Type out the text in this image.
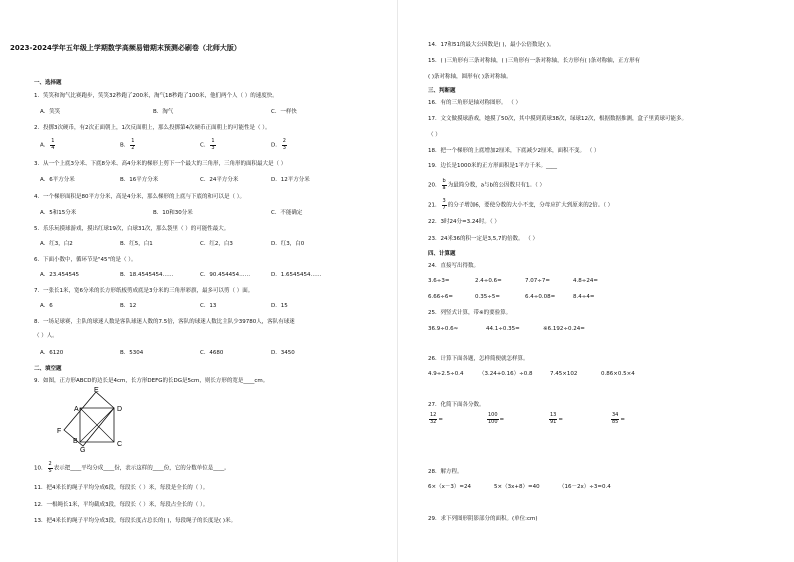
2023-2024学年五年级上学期数学高频易错期末预测必刷卷（北师大版）
一、选择题
1．笑笑和淘气比赛跑步，笑笑32秒跑了200米，淘气18秒跑了100米，他们两个人（ ）的速度快。
A．笑笑	B．淘气	C．一样快
2．投掷3次硬币，有2次正面朝上，1次反面朝上，那么投掷第4次硬币正面朝上的可能性是（ ）。
A． $\frac{1}{4}$	B． $\frac{1}{2}$	C． $\frac{1}{3}$	D． $\frac{2}{3}$
3．从一个上底3分米、下底8分米、高4分米的梯形上剪下一个最大的三角形，三角形的面积最大是（ ）
A．6平方分米	B．16平方分米	C．24平方分米	D．12平方分米
4．一个梯形面积是80平方分米，高是4分米，那么梯形的上底与下底的和可以是（ ）。
A．5和15分米	B．10和30分米	C．不能确定
5．乐乐玩摸球游戏，摸出红球19次，白球31次，那么袋里（ ）的可能性最大。
A．红3，白2	B．红5，白1	C．红2，白3	D．红3，白0
6．下面小数中，循环节是"45"的是（ ）。
A．23.454545	B．18.4545454……	C．90.454454……	D．1.6545454……
7．一张长1米，宽6分米的长方形纸板剪成底是3分米的三角形彩旗，最多可以剪（ ）面。
A．6	B．12	C．13	D．15
8．一场足球赛，主队的球迷人数是客队球迷人数的7.5倍，客队的球迷人数比主队少39780人，客队有球迷
（ ）人。
A．6120	B．5304	C．4680	D．3450
二、填空题
9．如图，正方形ABCD的边长是4cm，长方形DEFG的长DG是5cm，则长方形的宽是____cm。
A
B	C
D
E
F
G
10． $\frac{2}{5}$ 表示把____平均分成____份，表示这样的____份，它的分数单位是____。
11．把4米长的绳子平均分成6段，每段长（ ）米，每段是全长的（ ）。
12．一根绳长1米，平均截成3段，每段长（ ）米，每段占全长的（ ）。
13．把4米长的绳子平均分成3段，每段长度占总长的( )，每段绳子的长度是( )米。
14．17和51的最大公因数是( )，最小公倍数是( )。
15．( )三角形有三条对称轴，( )三角形有一条对称轴，长方形有( )条对称轴，正方形有
( )条对称轴，圆形有( )条对称轴。
三、判断题
16．有的三角形是轴对称图形。 （ ）
17．文文做摸球游戏，她摸了50次，其中摸到黄球38次，绿球12次，根据数据推测，盒子里黄球可能多。
（ ）
18．把一个梯形的上底增加2厘米，下底减少2厘米，面积不变。 （ ）
19．边长是1000米的正方形面积是1平方千米。____
20． $\frac{b}{a}$ 为最简分数，a与b的公因数只有1。（ ）
21． $\frac{3}{7}$ 的分子增加6，要使分数的大小不变，分母应扩大到原来的2倍。（ ）
22．3时24分=3.24时。（ ）
23．24米36的积一定是3,5,7的倍数。 （ ）
四、计算题
24．直接写出得数。
3.6÷3=	2.4÷0.6=	7.07÷7=	4.8÷24=
6.66÷6=	0.35÷5=	6.4÷0.08=	8.4÷4=
25．列竖式计算，带※的要验算。
36.9÷0.6≈	44.1÷0.35=	※6.192÷0.24=
26．计算下面各题，怎样简便就怎样算。
4.9÷2.5÷0.4	（3.24+0.16）÷0.8	7.45×102	0.86×0.5×4
27．化简下面各分数。
$\frac{12}{32}$ =	$\frac{100}{100}$ =	$\frac{13}{91}$ =	$\frac{34}{85}$ =
28．解方程。
6×（x－3）=24	5×（3x+8）=40	（16－2x）÷3=0.4
29．求下列图形阴影部分的面积。(单位:cm)
